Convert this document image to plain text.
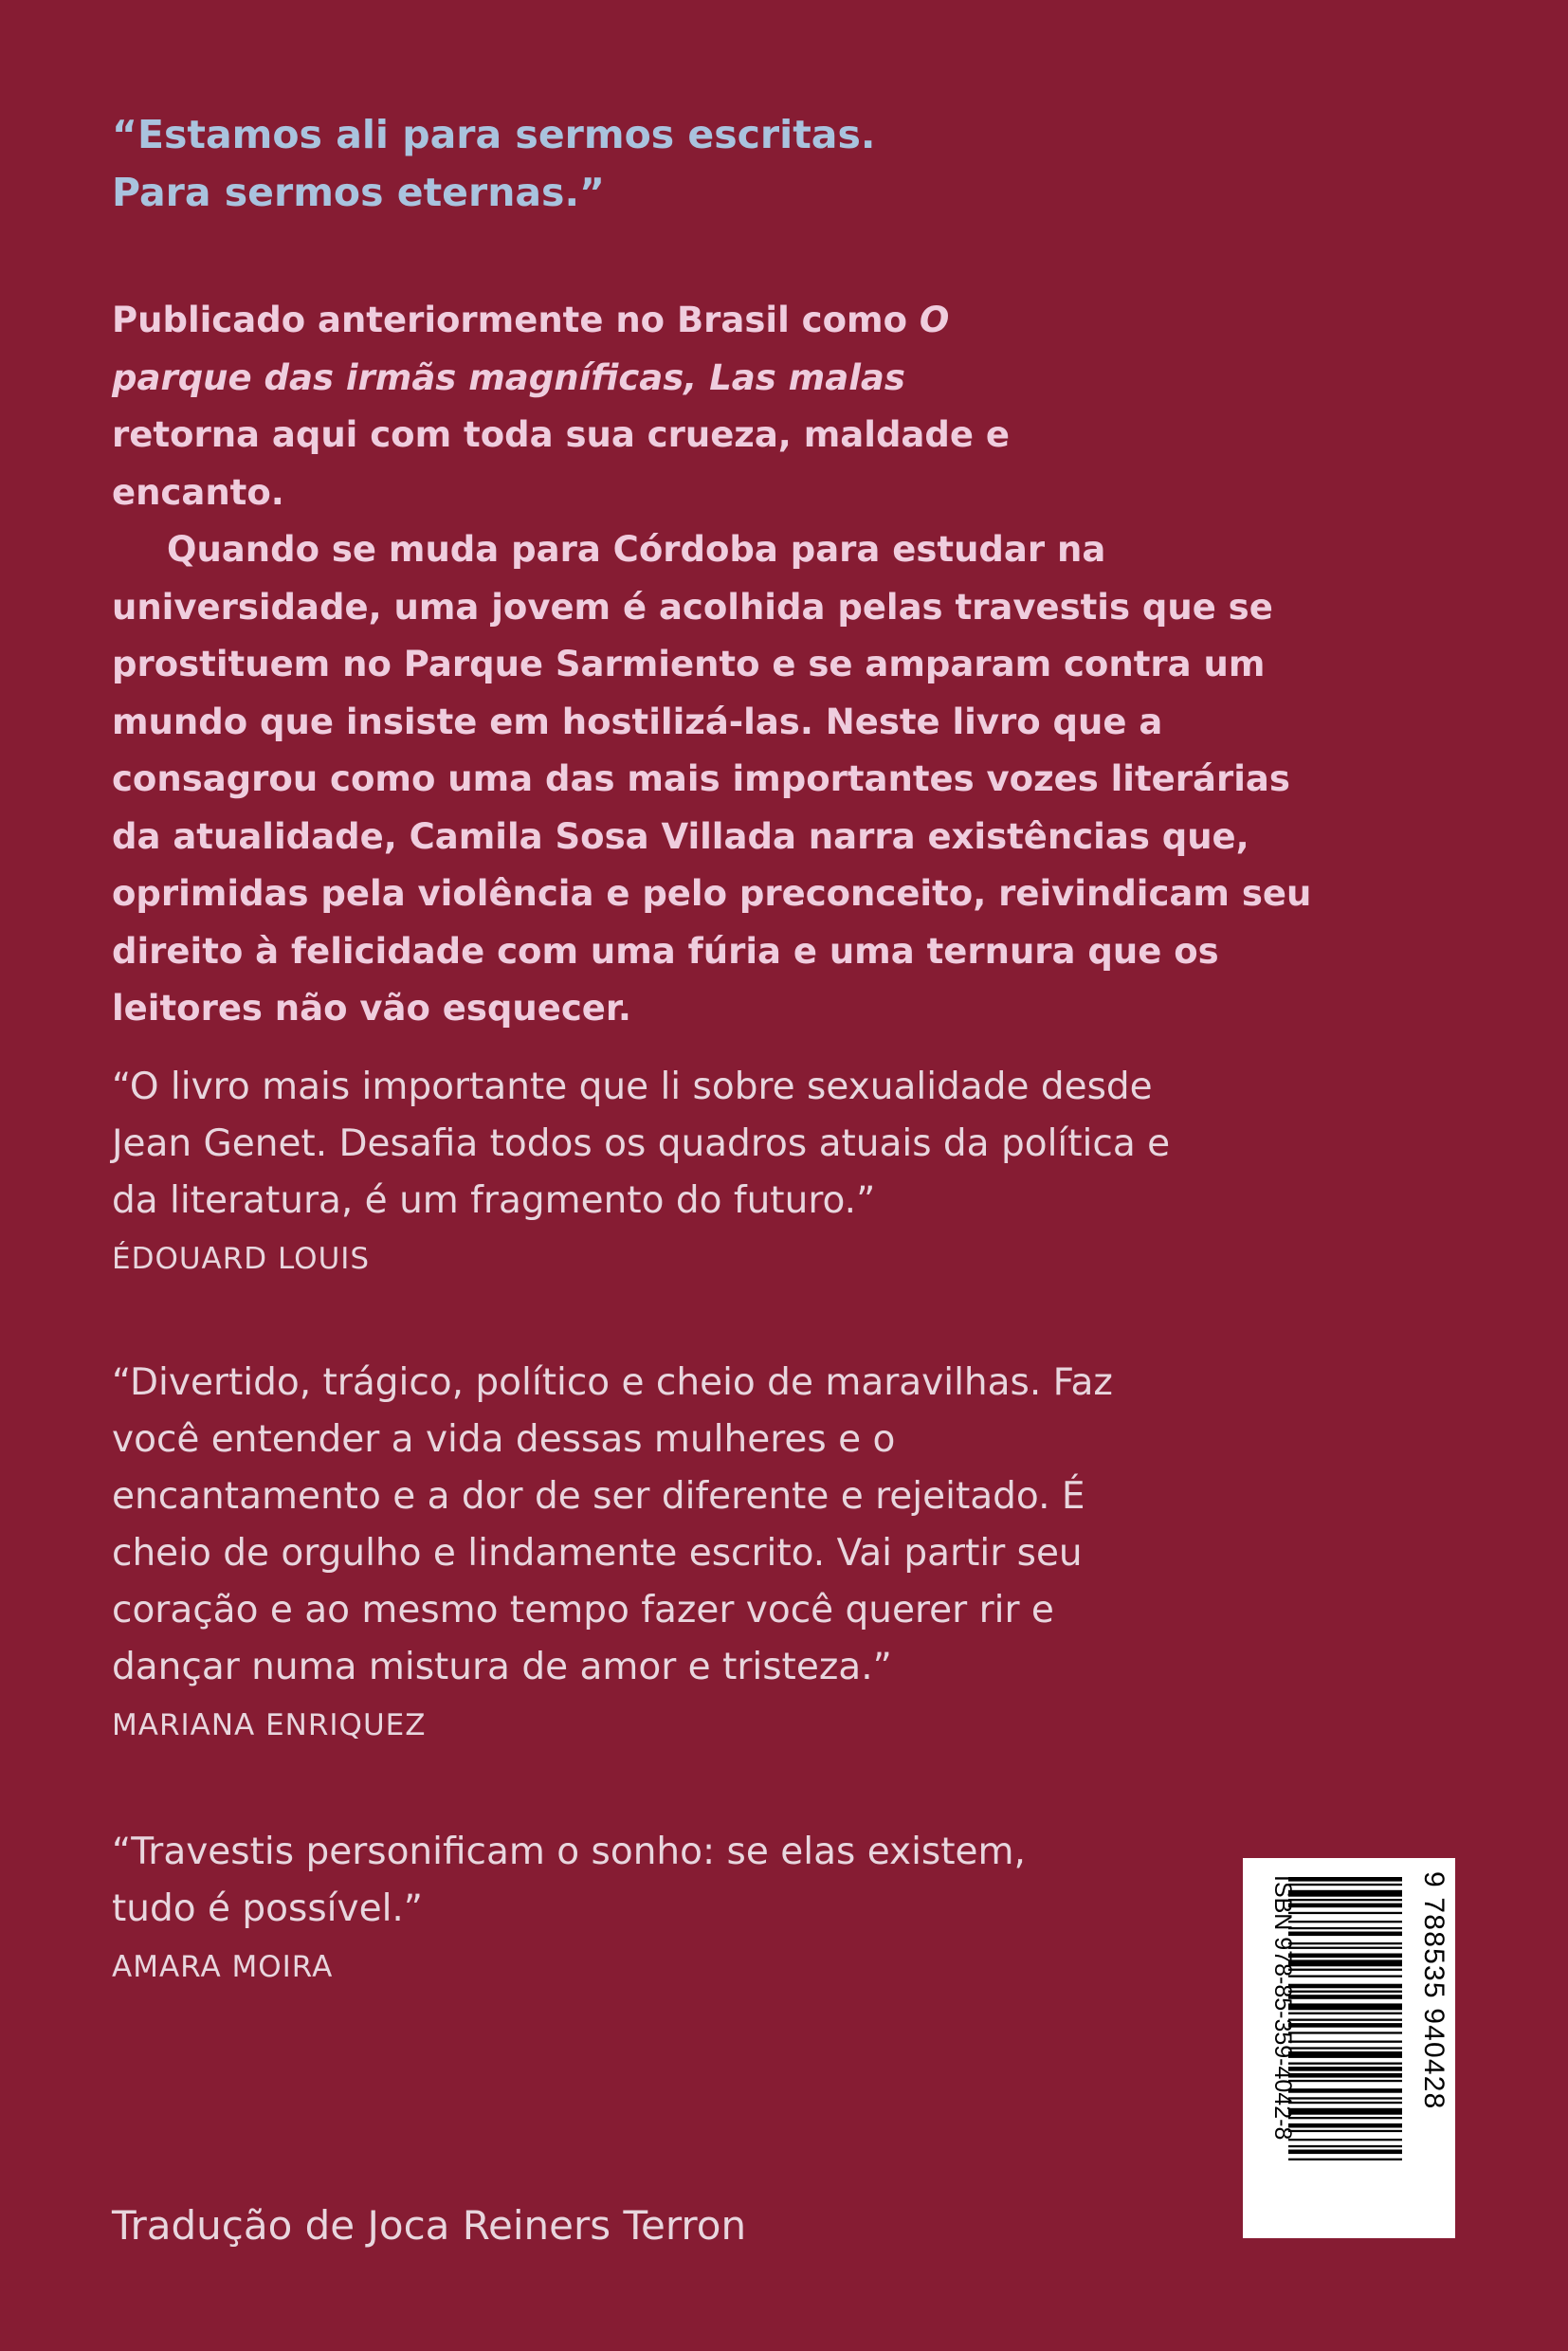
“Estamos ali para sermos escritas.
Para sermos eternas.”

Publicado anteriormente no Brasil como O parque das irmãs magníficas, Las malas retorna aqui com toda sua crueza, maldade e encanto.

Quando se muda para Córdoba para estudar na universidade, uma jovem é acolhida pelas travestis que se prostituem no Parque Sarmiento e se amparam contra um mundo que insiste em hostilizá-las. Neste livro que a consagrou como uma das mais importantes vozes literárias da atualidade, Camila Sosa Villada narra existências que, oprimidas pela violência e pelo preconceito, reivindicam seu direito à felicidade com uma fúria e uma ternura que os leitores não vão esquecer.

“O livro mais importante que li sobre sexualidade desde Jean Genet. Desafia todos os quadros atuais da política e da literatura, é um fragmento do futuro.”

ÉDOUARD LOUIS

“Divertido, trágico, político e cheio de maravilhas. Faz você entender a vida dessas mulheres e o encantamento e a dor de ser diferente e rejeitado. É cheio de orgulho e lindamente escrito. Vai partir seu coração e ao mesmo tempo fazer você querer rir e dançar numa mistura de amor e tristeza.”

MARIANA ENRIQUEZ

“Travestis personificam o sonho: se elas existem, tudo é possível.”

AMARA MOIRA
Tradução de Joca Reiners Terron
ISBN 978-85-359-4042-8	9 788535 940428
